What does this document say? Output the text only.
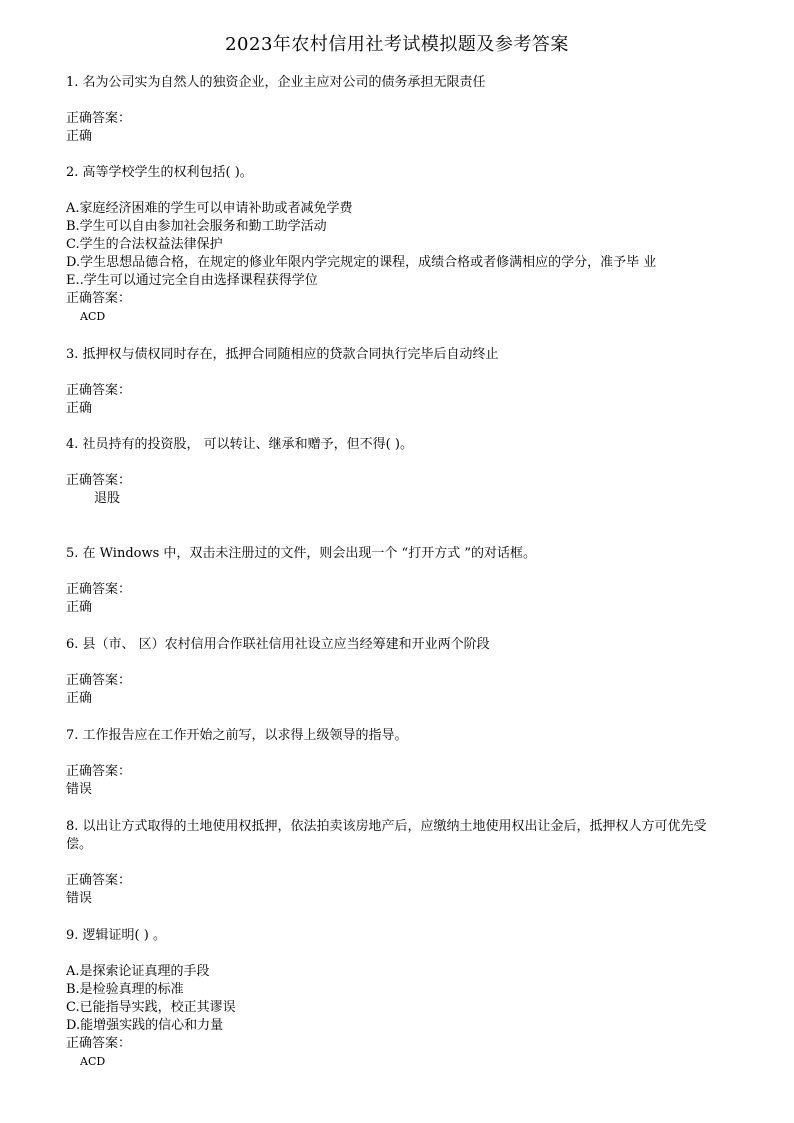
2023年农村信用社考试模拟题及参考答案
1. 名为公司实为自然人的独资企业，企业主应对公司的债务承担无限责任
正确答案：
正确
2. 高等学校学生的权利包括( )。
A.家庭经济困难的学生可以申请补助或者减免学费
B.学生可以自由参加社会服务和勤工助学活动
C.学生的合法权益法律保护
D.学生思想品德合格，在规定的修业年限内学完规定的课程，成绩合格或者修满相应的学分，准予毕 业
E..学生可以通过完全自由选择课程获得学位
正确答案：
ACD
3. 抵押权与债权同时存在，抵押合同随相应的贷款合同执行完毕后自动终止
正确答案：
正确
4. 社员持有的投资股， 可以转让、继承和赠予，但不得( )。
正确答案：
退股
5. 在 Windows 中，双击未注册过的文件，则会出现一个 “打开方式 ”的对话框。
正确答案：
正确
6. 县（市、 区）农村信用合作联社信用社设立应当经筹建和开业两个阶段
正确答案：
正确
7. 工作报告应在工作开始之前写，以求得上级领导的指导。
正确答案：
错误
8. 以出让方式取得的土地使用权抵押，依法拍卖该房地产后，应缴纳土地使用权出让金后，抵押权人方可优先受偿。
正确答案：
错误
9. 逻辑证明( ) 。
A.是探索论证真理的手段
B.是检验真理的标准
C.已能指导实践，校正其谬误
D.能增强实践的信心和力量
正确答案：
ACD
